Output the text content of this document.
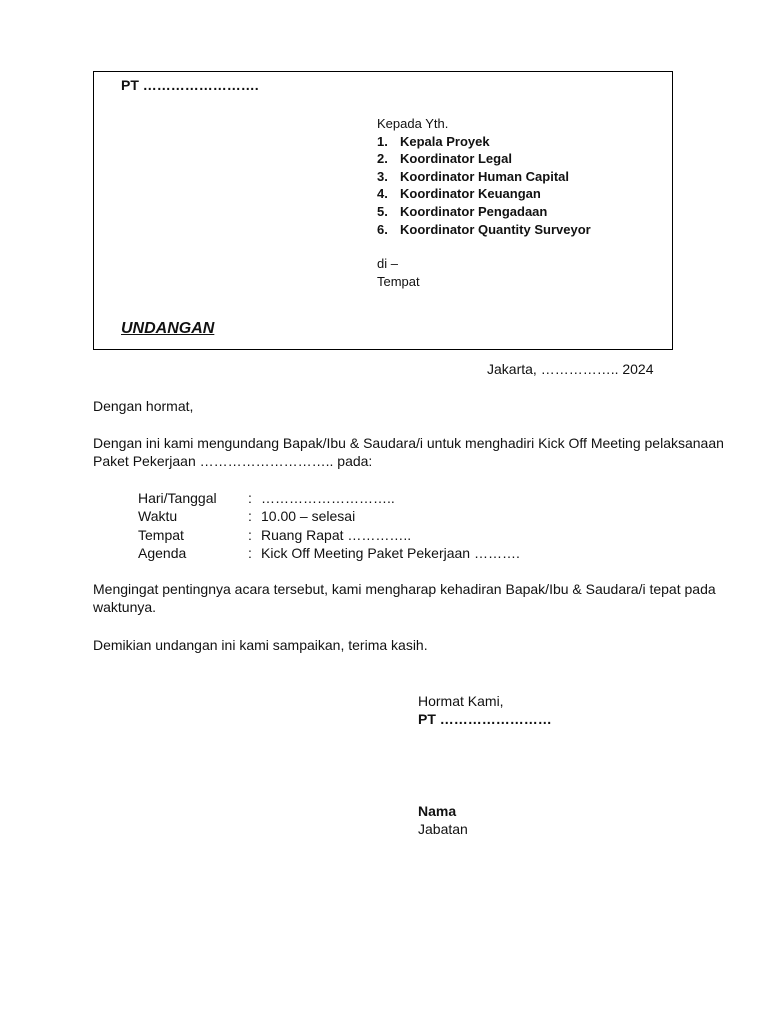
PT …………………….
Kepada Yth.
1. Kepala Proyek
2. Koordinator Legal
3. Koordinator Human Capital
4. Koordinator Keuangan
5. Koordinator Pengadaan
6. Koordinator Quantity Surveyor
di –
Tempat
UNDANGAN
Jakarta, …………….. 2024
Dengan hormat,
Dengan ini kami mengundang Bapak/Ibu & Saudara/i untuk menghadiri Kick Off Meeting pelaksanaan Paket Pekerjaan ……………………….. pada:
Hari/Tanggal	: ………………………..
Waktu	: 10.00 – selesai
Tempat	: Ruang Rapat …………..
Agenda	: Kick Off Meeting Paket Pekerjaan ……….
Mengingat pentingnya acara tersebut, kami mengharap kehadiran Bapak/Ibu & Saudara/i tepat pada waktunya.
Demikian undangan ini kami sampaikan, terima kasih.
Hormat Kami,
PT ……………………
Nama
Jabatan
